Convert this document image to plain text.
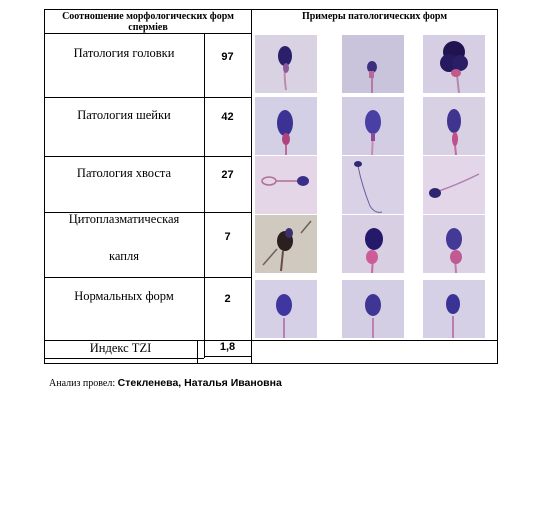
Соотношение морфологических форм сперміев
Примеры патологических форм
Патология головки
Патология шейки
Патология хвоста
Цитоплазматическая
капля
Нормальных форм
97
42
27
7
2
Индекс TZI	1,8
Анализ провел: Стекленева, Наталья Ивановна
